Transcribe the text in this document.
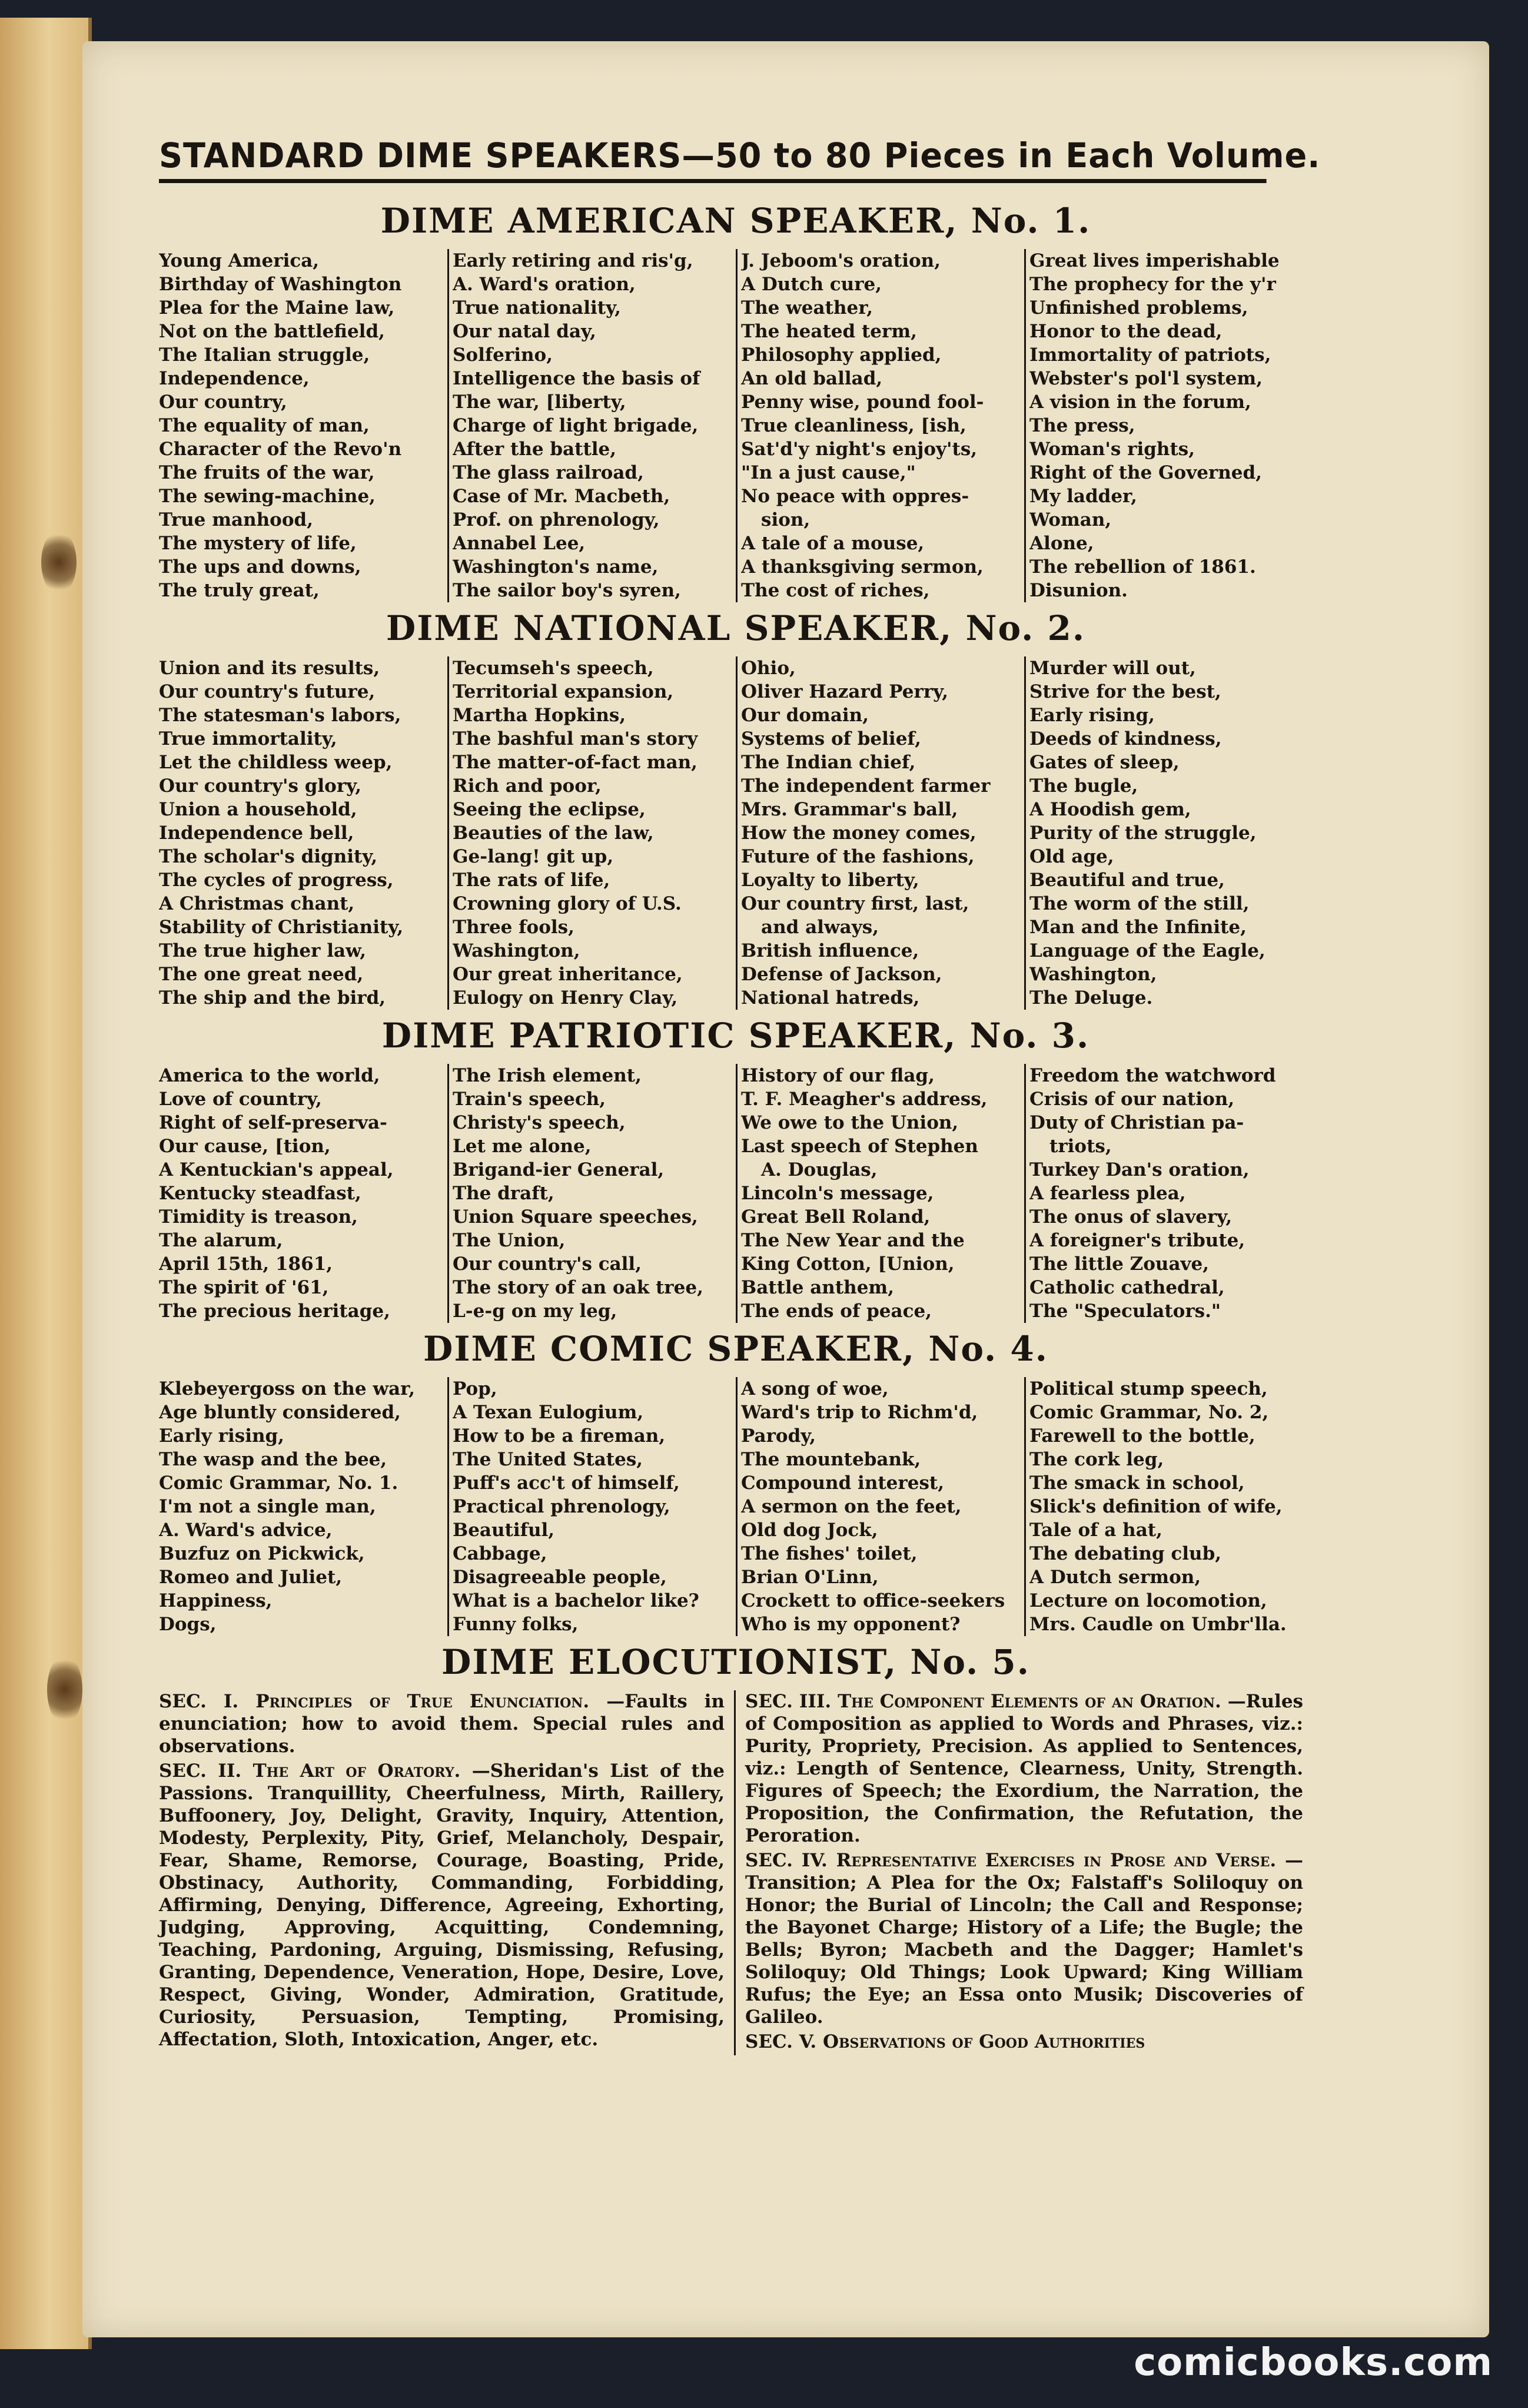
STANDARD DIME SPEAKERS—50 to 80 Pieces in Each Volume.
DIME AMERICAN SPEAKER, No. 1.
Young America,
Birthday of Washington
Plea for the Maine law,
Not on the battlefield,
The Italian struggle,
Independence,
Our country,
The equality of man,
Character of the Revo'n
The fruits of the war,
The sewing-machine,
True manhood,
The mystery of life,
The ups and downs,
The truly great,
Early retiring and ris'g,
A. Ward's oration,
True nationality,
Our natal day,
Solferino,
Intelligence the basis of
The war, [liberty,
Charge of light brigade,
After the battle,
The glass railroad,
Case of Mr. Macbeth,
Prof. on phrenology,
Annabel Lee,
Washington's name,
The sailor boy's syren,
J. Jeboom's oration,
A Dutch cure,
The weather,
The heated term,
Philosophy applied,
An old ballad,
Penny wise, pound fool-
True cleanliness, [ish,
Sat'd'y night's enjoy'ts,
"In a just cause,"
No peace with oppres-
sion,
A tale of a mouse,
A thanksgiving sermon,
The cost of riches,
Great lives imperishable
The prophecy for the y'r
Unfinished problems,
Honor to the dead,
Immortality of patriots,
Webster's pol'l system,
A vision in the forum,
The press,
Woman's rights,
Right of the Governed,
My ladder,
Woman,
Alone,
The rebellion of 1861.
Disunion.
DIME NATIONAL SPEAKER, No. 2.
Union and its results,
Our country's future,
The statesman's labors,
True immortality,
Let the childless weep,
Our country's glory,
Union a household,
Independence bell,
The scholar's dignity,
The cycles of progress,
A Christmas chant,
Stability of Christianity,
The true higher law,
The one great need,
The ship and the bird,
Tecumseh's speech,
Territorial expansion,
Martha Hopkins,
The bashful man's story
The matter-of-fact man,
Rich and poor,
Seeing the eclipse,
Beauties of the law,
Ge-lang! git up,
The rats of life,
Crowning glory of U.S.
Three fools,
Washington,
Our great inheritance,
Eulogy on Henry Clay,
Ohio,
Oliver Hazard Perry,
Our domain,
Systems of belief,
The Indian chief,
The independent farmer
Mrs. Grammar's ball,
How the money comes,
Future of the fashions,
Loyalty to liberty,
Our country first, last,
and always,
British influence,
Defense of Jackson,
National hatreds,
Murder will out,
Strive for the best,
Early rising,
Deeds of kindness,
Gates of sleep,
The bugle,
A Hoodish gem,
Purity of the struggle,
Old age,
Beautiful and true,
The worm of the still,
Man and the Infinite,
Language of the Eagle,
Washington,
The Deluge.
DIME PATRIOTIC SPEAKER, No. 3.
America to the world,
Love of country,
Right of self-preserva-
Our cause, [tion,
A Kentuckian's appeal,
Kentucky steadfast,
Timidity is treason,
The alarum,
April 15th, 1861,
The spirit of '61,
The precious heritage,
The Irish element,
Train's speech,
Christy's speech,
Let me alone,
Brigand-ier General,
The draft,
Union Square speeches,
The Union,
Our country's call,
The story of an oak tree,
L-e-g on my leg,
History of our flag,
T. F. Meagher's address,
We owe to the Union,
Last speech of Stephen
A. Douglas,
Lincoln's message,
Great Bell Roland,
The New Year and the
King Cotton, [Union,
Battle anthem,
The ends of peace,
Freedom the watchword
Crisis of our nation,
Duty of Christian pa-
triots,
Turkey Dan's oration,
A fearless plea,
The onus of slavery,
A foreigner's tribute,
The little Zouave,
Catholic cathedral,
The "Speculators."
DIME COMIC SPEAKER, No. 4.
Klebeyergoss on the war,
Age bluntly considered,
Early rising,
The wasp and the bee,
Comic Grammar, No. 1.
I'm not a single man,
A. Ward's advice,
Buzfuz on Pickwick,
Romeo and Juliet,
Happiness,
Dogs,
Pop,
A Texan Eulogium,
How to be a fireman,
The United States,
Puff's acc't of himself,
Practical phrenology,
Beautiful,
Cabbage,
Disagreeable people,
What is a bachelor like?
Funny folks,
A song of woe,
Ward's trip to Richm'd,
Parody,
The mountebank,
Compound interest,
A sermon on the feet,
Old dog Jock,
The fishes' toilet,
Brian O'Linn,
Crockett to office-seekers
Who is my opponent?
Political stump speech,
Comic Grammar, No. 2,
Farewell to the bottle,
The cork leg,
The smack in school,
Slick's definition of wife,
Tale of a hat,
The debating club,
A Dutch sermon,
Lecture on locomotion,
Mrs. Caudle on Umbr'lla.
DIME ELOCUTIONIST, No. 5.

SEC. I. Principles of True Enunciation. —Faults in enunciation; how to avoid them. Special rules and observations.

SEC. II. The Art of Oratory. —Sheridan's List of the Passions. Tranquillity, Cheerfulness, Mirth, Raillery, Buffoonery, Joy, Delight, Gravity, Inquiry, Attention, Modesty, Perplexity, Pity, Grief, Melancholy, Despair, Fear, Shame, Remorse, Courage, Boasting, Pride, Obstinacy, Authority, Commanding, Forbidding, Affirming, Denying, Difference, Agreeing, Exhorting, Judging, Approving, Acquitting, Condemning, Teaching, Pardoning, Arguing, Dismissing, Refusing, Granting, Dependence, Veneration, Hope, Desire, Love, Respect, Giving, Wonder, Admiration, Gratitude, Curiosity, Persuasion, Tempting, Promising, Affectation, Sloth, Intoxication, Anger, etc.

SEC. III. The Component Elements of an Oration. —Rules of Composition as applied to Words and Phrases, viz.: Purity, Propriety, Precision. As applied to Sentences, viz.: Length of Sentence, Clearness, Unity, Strength. Figures of Speech; the Exordium, the Narration, the Proposition, the Confirmation, the Refutation, the Peroration.

SEC. IV. Representative Exercises in Prose and Verse. —Transition; A Plea for the Ox; Falstaff's Soliloquy on Honor; the Burial of Lincoln; the Call and Response; the Bayonet Charge; History of a Life; the Bugle; the Bells; Byron; Macbeth and the Dagger; Hamlet's Soliloquy; Old Things; Look Upward; King William Rufus; the Eye; an Essa onto Musik; Discoveries of Galileo.

SEC. V. Observations of Good Authorities

comicbooks.com
